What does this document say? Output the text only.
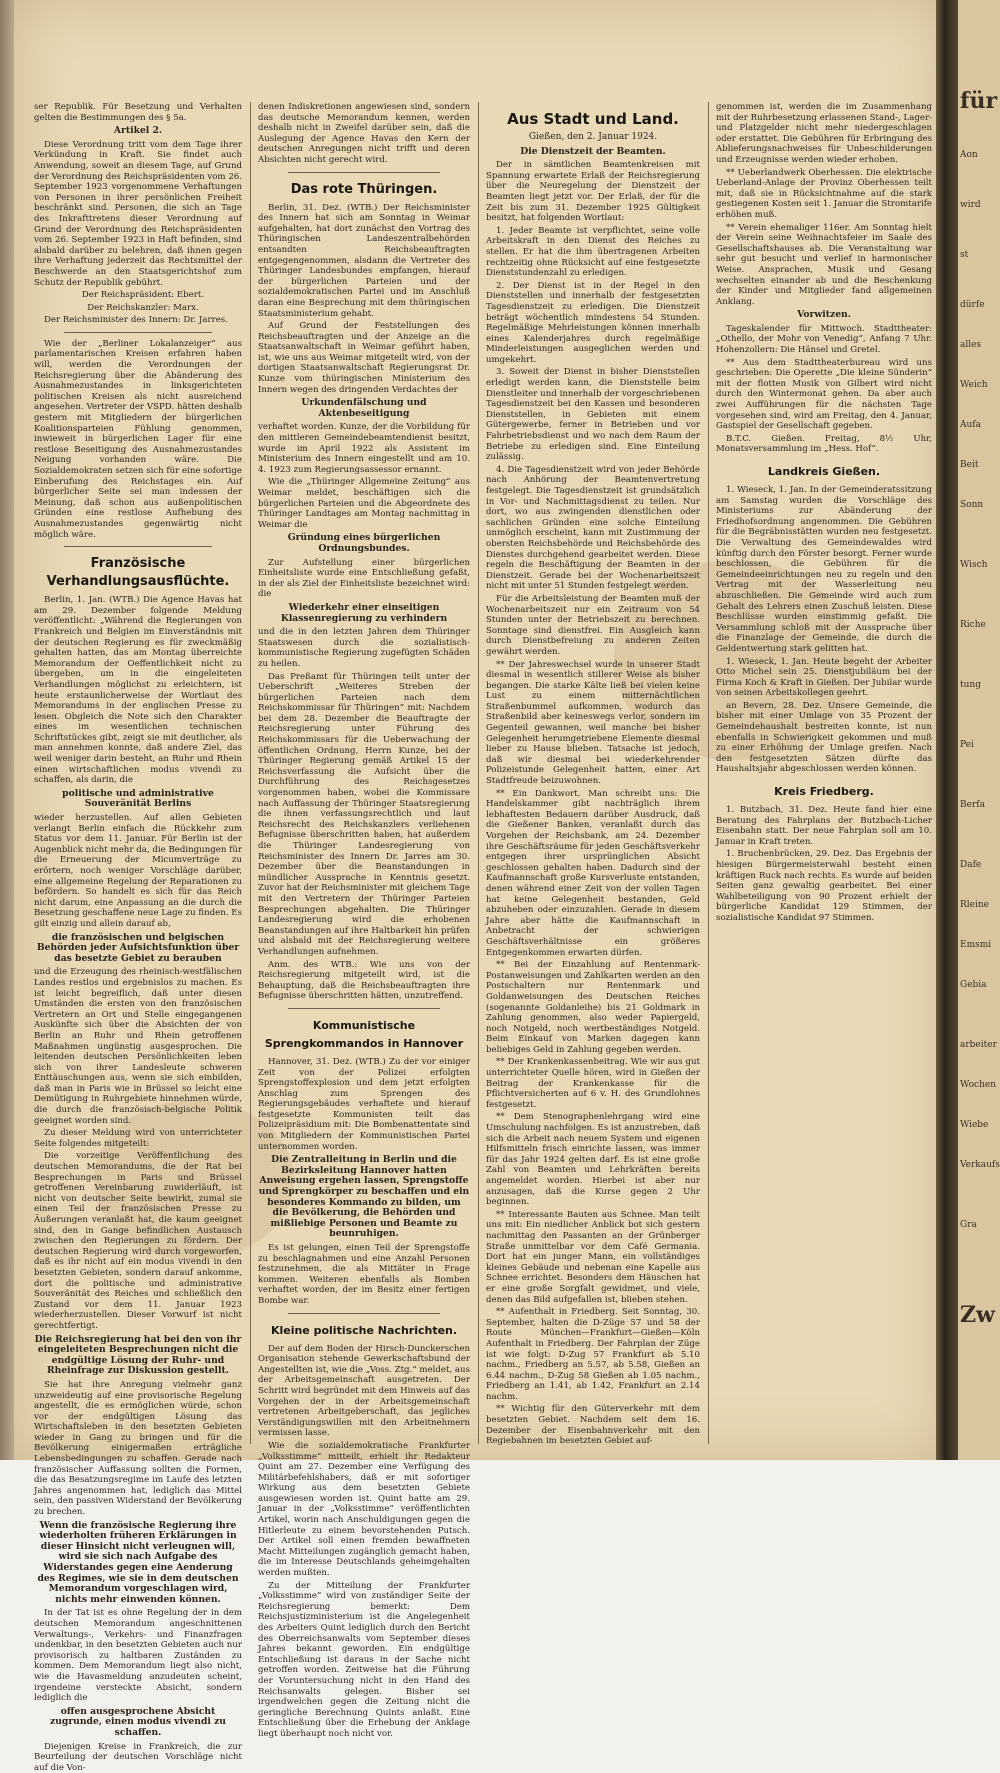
ser Republik. Für Besetzung und Verhalten gelten die Bestimmungen des § 5a.

Artikel 2.

Diese Verordnung tritt vom dem Tage ihrer Verkündung in Kraft. Sie findet auch Anwendung, soweit an diesem Tage, auf Grund der Verordnung des Reichspräsidenten vom 26. September 1923 vorgenommene Verhaftungen von Personen in ihrer persönlichen Freiheit beschränkt sind. Personen, die sich an Tage des Inkrafttretens dieser Verordnung auf Grund der Verordnung des Reichspräsidenten vom 26. September 1923 in Haft befinden, sind alsbald darüber zu belehren, daß ihnen gegen ihre Verhaftung jederzeit das Rechtsmittel der Beschwerde an den Staatsgerichtshof zum Schutz der Republik gebührt.

Der Reichspräsident: Ebert.

Der Reichskanzler: Marx.

Der Reichsminister des Innern: Dr. Jarres.

Wie der „Berliner Lokalanzeiger“ aus parlamentarischen Kreisen erfahren haben will, werden die Verordnungen der Reichsregierung über die Abänderung des Ausnahmezustandes in linksgerichteten politischen Kreisen als nicht ausreichend angesehen. Vertreter der VSPD. hätten deshalb gestern mit Mitgliedern der bürgerlichen Koalitionsparteien Fühlung genommen, inwieweit in bürgerlichen Lager für eine restlose Beseitigung des Ausnahmezustandes Neigung vorhanden wäre. Die Sozialdemokraten setzen sich für eine sofortige Einberufung des Reichstages ein. Auf bürgerlicher Seite sei man indessen der Meinung, daß schon aus außenpolitischen Gründen eine restlose Aufhebung des Ausnahmezustandes gegenwärtig nicht möglich wäre.

Französische Verhandlungsausflüchte.

Berlin, 1. Jan. (WTB.) Die Agence Havas hat am 29. Dezember folgende Meldung veröffentlicht: „Während die Regierungen von Frankreich und Belgien im Einverständnis mit der deutschen Regierung es für zweckmäßig gehalten hatten, das am Montag überreichte Memorandum der Oeffentlichkeit nicht zu übergeben, um in die eingeleiteten Verhandlungen möglichst zu erleichtern, ist heute erstaunlicherweise der Wortlaut des Memorandums in der englischen Presse zu lesen. Obgleich die Note sich den Charakter eines im wesentlichen technischen Schriftstückes gibt, zeigt sie mit deutlicher, als man annehmen konnte, daß andere Ziel, das weil weniger darin besteht, an Ruhr und Rhein einen wirtschaftlichen modus vivendi zu schaffen, als darin, die

politische und administrative Souveränität Berlins

wieder herzustellen. Auf allen Gebieten verlangt Berlin einfach die Rückkehr zum Status vor dem 11. Januar. Für Berlin ist der Augenblick nicht mehr da, die Bedingungen für die Erneuerung der Micumverträge zu erörtern, noch weniger Vorschläge darüber, eine allgemeine Regelung der Reparationen zu befördern. So handelt es sich für das Reich nicht darum, eine Anpassung an die durch die Besetzung geschaffene neue Lage zu finden. Es gilt einzig und allein darauf ab,

die französischen und belgischen Behörden jeder Aufsichtsfunktion über das besetzte Gebiet zu berauben

und die Erzeugung des rheinisch-westfälischen Landes restlos und ergebnislos zu machen. Es ist leicht begreiflich, daß unter diesen Umständen die ersten von den französischen Vertretern an Ort und Stelle eingegangenen Auskünfte sich über die Absichten der von Berlin an Ruhr und Rhein getroffenen Maßnahmen ungünstig ausgesprochen. Die leitenden deutschen Persönlichkeiten leben sich von ihrer Landesleute schweren Enttäuschungen aus, wenn sie sich einbilden, daß man in Paris wie in Brüssel so leicht eine Demütigung in Ruhrgebiete hinnehmen würde, die durch die französisch-belgische Politik geeignet worden sind.

Zu dieser Meldung wird von unterrichteter Seite folgendes mitgeteilt:

Die vorzeitige Veröffentlichung des deutschen Memorandums, die der Rat bei Besprechungen in Paris und Brüssel getroffenen Vereinbarung zuwiderläuft, ist nicht von deutscher Seite bewirkt, zumal sie einen Teil der französischen Presse zu Äußerungen veranlaßt hat, die kaum geeignet sind, den in Gange befindlichen Austausch zwischen den Regierungen zu fördern. Der deutschen Regierung wird durch vorgeworfen, daß es ihr nicht auf ein modus vivendi in den besetzten Gebieten, sondern darauf ankomme, dort die politische und administrative Souveränität des Reiches und schließlich den Zustand vor dem 11. Januar 1923 wiederherzustellen. Dieser Vorwurf ist nicht gerechtfertigt.

Die Reichsregierung hat bei den von ihr eingeleiteten Besprechungen nicht die endgültige Lösung der Ruhr- und Rheinfrage zur Diskussion gestellt.

Sie hat ihre Anregung vielmehr ganz unzweideutig auf eine provisorische Regelung angestellt, die es ermöglichen würde, schon vor der endgültigen Lösung das Wirtschaftsleben in den besetzten Gebieten wieder in Gang zu bringen und für die Bevölkerung einigermaßen erträgliche Lebensbedingungen zu schaffen. Gerade nach französischer Auffassung sollten die Formen, die das Besatzungsregime im Laufe des letzten Jahres angenommen hat, lediglich das Mittel sein, den passiven Widerstand der Bevölkerung zu brechen.

Wenn die französische Regierung ihre wiederholten früheren Erklärungen in dieser Hinsicht nicht verleugnen will, wird sie sich nach Aufgabe des Widerstandes gegen eine Aenderung des Regimes, wie sie in dem deutschen Memorandum vorgeschlagen wird, nichts mehr einwenden können.

In der Tat ist es ohne Regelung der in dem deutschen Memorandum angeschnittenen Verwaltungs-, Verkehrs- und Finanzfragen undenkbar, in den besetzten Gebieten auch nur provisorisch zu haltbaren Zuständen zu kommen. Dem Memorandum liegt also nicht, wie die Havasmeldung anzudeuten scheint, irgendeine versteckte Absicht, sondern lediglich die

offen ausgesprochene Absicht zugrunde, einen modus vivendi zu schaffen.

Diejenigen Kreise in Frankreich, die zur Beurteilung der deutschen Vorschläge nicht auf die Von-

denen Indiskretionen angewiesen sind, sondern das deutsche Memorandum kennen, werden deshalb nicht in Zweifel darüber sein, daß die Auslegung der Agence Havas den Kern der deutschen Anregungen nicht trifft und deren Absichten nicht gerecht wird.

Das rote Thüringen.

Berlin, 31. Dez. (WTB.) Der Reichsminister des Innern hat sich am Sonntag in Weimar aufgehalten, hat dort zunächst den Vortrag des Thüringischen Landeszentralbehörden entsandten Reichsbeauftragten entgegengenommen, alsdann die Vertreter des Thüringer Landesbundes empfangen, hierauf der bürgerlichen Parteien und der sozialdemokratischen Partei und im Anschluß daran eine Besprechung mit dem thüringischen Staatsministerium gehabt.

Auf Grund der Feststellungen des Reichsbeauftragten und der Anzeige an die Staatsanwaltschaft in Weimar geführt haben, ist, wie uns aus Weimar mitgeteilt wird, von der dortigen Staatsanwaltschaft Regierungsrat Dr. Kunze vom thüringischen Ministerium des Innern wegen des dringenden Verdachtes der

Urkundenfälschung und Aktenbeseitigung

verhaftet worden. Kunze, der die Vorbildung für den mittleren Gemeindebeamtendienst besitzt, wurde im April 1922 als Assistent im Ministerium des Innern eingestellt und am 10. 4. 1923 zum Regierungsassessor ernannt.

Wie die „Thüringer Allgemeine Zeitung“ aus Weimar meldet, beschäftigen sich die bürgerlichen Parteien und die Abgeordnete des Thüringer Landtages am Montag nachmittag in Weimar die

Gründung eines bürgerlichen Ordnungsbundes.

Zur Aufstellung einer bürgerlichen Einheitsliste wurde eine Entschließung gefaßt, in der als Ziel der Einheitsliste bezeichnet wird: die

Wiederkehr einer einseitigen Klassenregierung zu verhindern

und die in den letzten Jahren dem Thüringer Staatswesen durch die sozialistisch-kommunistische Regierung zugefügten Schäden zu heilen.

Das Preßamt für Thüringen teilt unter der Ueberschrift „Weiteres Streben der bürgerlichen Parteien nach dem Reichskommissar für Thüringen“ mit: Nachdem bei dem 28. Dezember die Beauftragte der Reichsregierung unter Führung des Reichskommissars für die Ueberwachung der öffentlichen Ordnung, Herrn Kunze, bei der Thüringer Regierung gemäß Artikel 15 der Reichsverfassung die Aufsicht über die Durchführung des Reichsgesetzes vorgenommen haben, wobei die Kommissare nach Auffassung der Thüringer Staatsregierung die ihnen verfassungsrechtlich und laut Reichsrecht des Reichskanzlers verliehenen Befugnisse überschritten haben, hat außerdem die Thüringer Landesregierung von Reichsminister des Innern Dr. Jarres am 30. Dezember über die Beanstandungen in mündlicher Aussprache in Kenntnis gesetzt. Zuvor hat der Reichsminister mit gleichem Tage mit den Vertretern der Thüringer Parteien Besprechungen abgehalten. Die Thüringer Landesregierung wird die erhobenen Beanstandungen auf ihre Haltbarkeit hin prüfen und alsbald mit der Reichsregierung weitere Verhandlungen aufnehmen.

Anm. des WTB.: Wie uns von der Reichsregierung mitgeteilt wird, ist die Behauptung, daß die Reichsbeauftragten ihre Befugnisse überschritten hätten, unzutreffend.

Kommunistische Sprengkommandos in Hannover

Hannover, 31. Dez. (WTB.) Zu der vor einiger Zeit von der Polizei erfolgten Sprengstoffexplosion und dem jetzt erfolgten Anschlag zum Sprengen des Regierungsgebäudes verhaftete und hierauf festgesetzte Kommunisten teilt das Polizeipräsidium mit: Die Bombenattentate sind von Mitgliedern der Kommunistischen Partei unternommen worden.

Die Zentralleitung in Berlin und die Bezirksleitung Hannover hatten Anweisung ergehen lassen, Sprengstoffe und Sprengkörper zu beschaffen und ein besonderes Kommando zu bilden, um die Bevölkerung, die Behörden und mißliebige Personen und Beamte zu beunruhigen.

Es ist gelungen, einen Teil der Sprengstoffe zu beschlagnahmen und eine Anzahl Personen festzunehmen, die als Mittäter in Frage kommen. Weiteren ebenfalls als Bomben verhaftet worden, der im Besitz einer fertigen Bombe war.

Kleine politische Nachrichten.

Der auf dem Boden der Hirsch-Dunckerschen Organisation stehende Gewerkschaftsbund der Angestellten ist, wie die „Voss. Ztg.“ meldet, aus der Arbeitsgemeinschaft ausgetreten. Der Schritt wird begründet mit dem Hinweis auf das Vorgehen der in der Arbeitsgemeinschaft vertretenen Arbeitgeberschaft, das jegliches Verständigungswillen mit den Arbeitnehmern vermissen lasse.

Wie die sozialdemokratische Frankfurter „Volksstimme“ mitteilt, erhielt ihr Redakteur Quint am 27. Dezember eine Verfügung des Militärbefehlshabers, daß er mit sofortiger Wirkung aus dem besetzten Gebiete ausgewiesen worden ist. Quint hatte am 29. Januar in der „Volksstimme“ veröffentlichten Artikel, worin nach Anschuldigungen gegen die Hitlerleute zu einem bevorstehenden Putsch. Der Artikel soll einen fremden bewaffneten Macht Mitteilungen zugänglich gemacht haben, die im Interesse Deutschlands geheimgehalten werden mußten.

Zu der Mitteilung der Frankfurter „Volksstimme“ wird von zuständiger Seite der Reichsregierung bemerkt: Dem Reichsjustizministerium ist die Angelegenheit des Arbeiters Quint lediglich durch den Bericht des Oberreichsanwalts vom September dieses Jahres bekannt geworden. Ein endgültige Entschließung ist daraus in der Sache nicht getroffen worden. Zeitweise hat die Führung der Voruntersuchung nicht in den Hand des Reichsanwalts gelegen. Bisher sei irgendwelchen gegen die Zeitung nicht die geringliche Berechnung Quints anlaßt. Eine Entschließung über die Erhebung der Anklage liegt überhaupt noch nicht vor.

Aus Stadt und Land.
Gießen, den 2. Januar 1924.
Die Dienstzeit der Beamten.

Der in sämtlichen Beamtenkreisen mit Spannung erwartete Erlaß der Reichsregierung über die Neuregelung der Dienstzeit der Beamten liegt jetzt vor. Der Erlaß, der für die Zeit bis zum 31. Dezember 1925 Gültigkeit besitzt, hat folgenden Wortlaut:

1. Jeder Beamte ist verpflichtet, seine volle Arbeitskraft in den Dienst des Reiches zu stellen. Er hat die ihm übertragenen Arbeiten rechtzeitig ohne Rücksicht auf eine festgesetzte Dienststundenzahl zu erledigen.

2. Der Dienst ist in der Regel in den Dienststellen und innerhalb der festgesetzten Tagesdienstzeit zu erledigen. Die Dienstzeit beträgt wöchentlich mindestens 54 Stunden. Regelmäßige Mehrleistungen können innerhalb eines Kalenderjahres durch regelmäßige Minderleistungen ausgeglichen werden und umgekehrt.

3. Soweit der Dienst in bisher Dienststellen erledigt werden kann, die Dienststelle beim Dienstleiter und innerhalb der vorgeschriebenen Tagesdienstzeit bei den Kassen und besonderen Dienststellen, in Gebieten mit einem Gütergewerbe, ferner in Betrieben und vor Fahrbetriebsdienst und wo nach dem Raum der Betriebe zu erledigen sind. Eine Einteilung zulässig.

4. Die Tagesdienstzeit wird von jeder Behörde nach Anhörung der Beamtenvertretung festgelegt. Die Tagesdienstzeit ist grundsätzlich in Vor- und Nachmittagsdienst zu teilen. Nur dort, wo aus zwingenden dienstlichen oder sachlichen Gründen eine solche Einteilung unmöglich erscheint, kann mit Zustimmung der obersten Reichsbehörde und Reichsbehörde des Dienstes durchgehend gearbeitet werden. Diese regeln die Beschäftigung der Beamten in der Dienstzeit. Gerade bei der Wochenarbeitszeit nicht mit unter 51 Stunden festgelegt werden.

Für die Arbeitsleistung der Beamten muß der Wochenarbeitszeit nur ein Zeitraum von 54 Stunden unter der Betriebszeit zu berechnen. Sonntage sind dienstfrei. Ein Ausgleich kann durch Dienstbefreiung zu anderen Zeiten gewährt werden.

** Der Jahreswechsel wurde in unserer Stadt diesmal in wesentlich stillerer Weise als bisher begangen. Die starke Kälte ließ bei vielen keine Lust zu einem mitternächtlichen Straßenbummel aufkommen, wodurch das Straßenbild aber keineswegs verlor, sondern im Gegenteil gewannen, weil manche bei bisher Gelegenheit herumgetriebene Elemente diesmal lieber zu Hause blieben. Tatsache ist jedoch, daß wir diesmal bei wiederkehrender Polizeistunde Gelegenheit hatten, einer Art Stadtfreude beizuwohnen.

** Ein Dankwort. Man schreibt uns: Die Handelskammer gibt nachträglich ihrem lebhaftesten Bedauern darüber Ausdruck, daß die Gießener Banken, veranlaßt durch das Vorgehen der Reichsbank, am 24. Dezember ihre Geschäftsräume für jeden Geschäftsverkehr entgegen ihrer ursprünglichen Absicht geschlossen gehalten haben. Dadurch sind der Kaufmannschaft große Kursverluste entstanden, denen während einer Zeit von der vollen Tagen hat keine Gelegenheit bestanden, Geld abzuheben oder einzuzahlen. Gerade in diesem Jahre aber hätte die Kaufmannschaft in Anbetracht der schwierigen Geschäftsverhältnisse ein größeres Entgegenkommen erwarten dürfen.

** Bei der Einzahlung auf Rentenmark-Postanweisungen und Zahlkarten werden an den Postschaltern nur Rentenmark und Goldanweisungen des Deutschen Reiches (sogenannte Goldanleihe) bis 21 Goldmark in Zahlung genommen, also weder Papiergeld, noch Notgeld, noch wertbeständiges Notgeld. Beim Einkauf von Marken dagegen kann beliebiges Geld in Zahlung gegeben werden.

** Der Krankenkassenbeitrag. Wie wir aus gut unterrichteter Quelle hören, wird in Gießen der Beitrag der Krankenkasse für die Pflichtversicherten auf 6 v. H. des Grundlohnes festgesetzt.

** Dem Stenographenlehrgang wird eine Umschulung nachfolgen. Es ist anzustreben, daß sich die Arbeit nach neuem System und eigenen Hilfsmitteln frisch einrichte lassen, was immer für das Jahr 1924 gelten darf. Es ist eine große Zahl von Beamten und Lehrkräften bereits angemeldet worden. Hierbei ist aber nur anzusagen, daß die Kurse gegen 2 Uhr beginnen.

** Interessante Bauten aus Schnee. Man teilt uns mit: Ein niedlicher Anblick bot sich gestern nachmittag den Passanten an der Grünberger Straße unmittelbar vor dem Café Germania. Dort hat ein junger Mann, ein vollständiges kleines Gebäude und nebenan eine Kapelle aus Schnee errichtet. Besonders dem Häuschen hat er eine große Sorgfalt gewidmet, und viele, denen das Bild aufgefallen ist, blieben stehen.

** Aufenthalt in Friedberg. Seit Sonntag, 30. September, halten die D-Züge 57 und 58 der Route München—Frankfurt—Gießen—Köln Aufenthalt in Friedberg. Der Fahrplan der Züge ist wie folgt: D-Zug 57 Frankfurt ab 5.10 nachm., Friedberg an 5.57, ab 5.58, Gießen an 6.44 nachm., D-Zug 58 Gießen ab 1.05 nachm., Friedberg an 1.41, ab 1.42, Frankfurt an 2.14 nachm.

** Wichtig für den Güterverkehr mit dem besetzten Gebiet. Nachdem seit dem 16. Dezember der Eisenbahnverkehr mit den Regiebahnen im besetzten Gebiet auf-

genommen ist, werden die im Zusammenhang mit der Ruhrbesetzung erlassenen Stand-, Lager- und Platzgelder nicht mehr niedergeschlagen oder erstattet. Die Gebühren für Erbringung des Ablieferungsnachweises für Unbeschilderungen und Erzeugnisse werden wieder erhoben.

** Ueberlandwerk Oberhessen. Die elektrische Ueberland-Anlage der Provinz Oberhessen teilt mit, daß sie in Rücksichtnahme auf die stark gestiegenen Kosten seit 1. Januar die Stromtarife erhöhen muß.

** Verein ehemaliger 116er. Am Sonntag hielt der Verein seine Weihnachtsfeier im Saale des Gesellschaftshauses ab. Die Veranstaltung war sehr gut besucht und verlief in harmonischer Weise. Ansprachen, Musik und Gesang wechselten einander ab und die Beschenkung der Kinder und Mitglieder fand allgemeinen Anklang.

Vorwitzen.

Tageskalender für Mittwoch. Stadttheater: „Othello, der Mohr von Venedig“, Anfang 7 Uhr. Hohenzollern: Die Hänsel und Gretel.

** Aus dem Stadttheaterbureau wird uns geschrieben: Die Operette „Die kleine Sünderin“ mit der flotten Musik von Gilbert wird nicht durch den Wintermonat gehen. Da aber auch zwei Aufführungen für die nächsten Tage vorgesehen sind, wird am Freitag, den 4. Januar, Gastspiel der Gesellschaft gegeben.

B.T.C. Gießen. Freitag, 8½ Uhr, Monatsversammlung im „Hess. Hof“.

Landkreis Gießen.

1. Wieseck, 1. Jan. In der Gemeinderatssitzung am Samstag wurden die Vorschläge des Ministeriums zur Abänderung der Friedhofsordnung angenommen. Die Gebühren für die Begräbnisstätten wurden neu festgesetzt. Die Verwaltung des Gemeindewaldes wird künftig durch den Förster besorgt. Ferner wurde beschlossen, die Gebühren für die Gemeindeeinrichtungen neu zu regeln und den Vertrag mit der Wasserleitung neu abzuschließen. Die Gemeinde wird auch zum Gehalt des Lehrers einen Zuschuß leisten. Diese Beschlüsse wurden einstimmig gefaßt. Die Versammlung schloß mit der Aussprache über die Finanzlage der Gemeinde, die durch die Geldentwertung stark gelitten hat.

1. Wieseck, 1. Jan. Heute begeht der Arbeiter Otto Michel sein 25. Dienstjubiläum bei der Firma Koch & Kraft in Gießen. Der Jubilar wurde von seinen Arbeitskollegen geehrt.

an Bevern, 28. Dez. Unsere Gemeinde, die bisher mit einer Umlage von 35 Prozent der Gemeindehaushalt bestreiten konnte, ist nun ebenfalls in Schwierigkeit gekommen und muß zu einer Erhöhung der Umlage greifen. Nach den festgesetzten Sätzen dürfte das Haushaltsjahr abgeschlossen werden können.

Kreis Friedberg.

1. Butzbach, 31. Dez. Heute fand hier eine Beratung des Fahrplans der Butzbach-Licher Eisenbahn statt. Der neue Fahrplan soll am 10. Januar in Kraft treten.

1. Bruchenbrücken, 29. Dez. Das Ergebnis der hiesigen Bürgermeisterwahl besteht einen kräftigen Ruck nach rechts. Es wurde auf beiden Seiten ganz gewaltig gearbeitet. Bei einer Wahlbeteiligung von 90 Prozent erhielt der bürgerliche Kandidat 129 Stimmen, der sozialistische Kandidat 97 Stimmen.

für
Aon
wird
st
dürfe
alles
Weich
Aufa
Beit
Sonn
Wisch
Riche
tung
Pei
Berfa
Dafe
Rleine
Emsmi
Gebia
arbeiter
Wochen
Wiebe
Verkaufs
Gra
Zw
